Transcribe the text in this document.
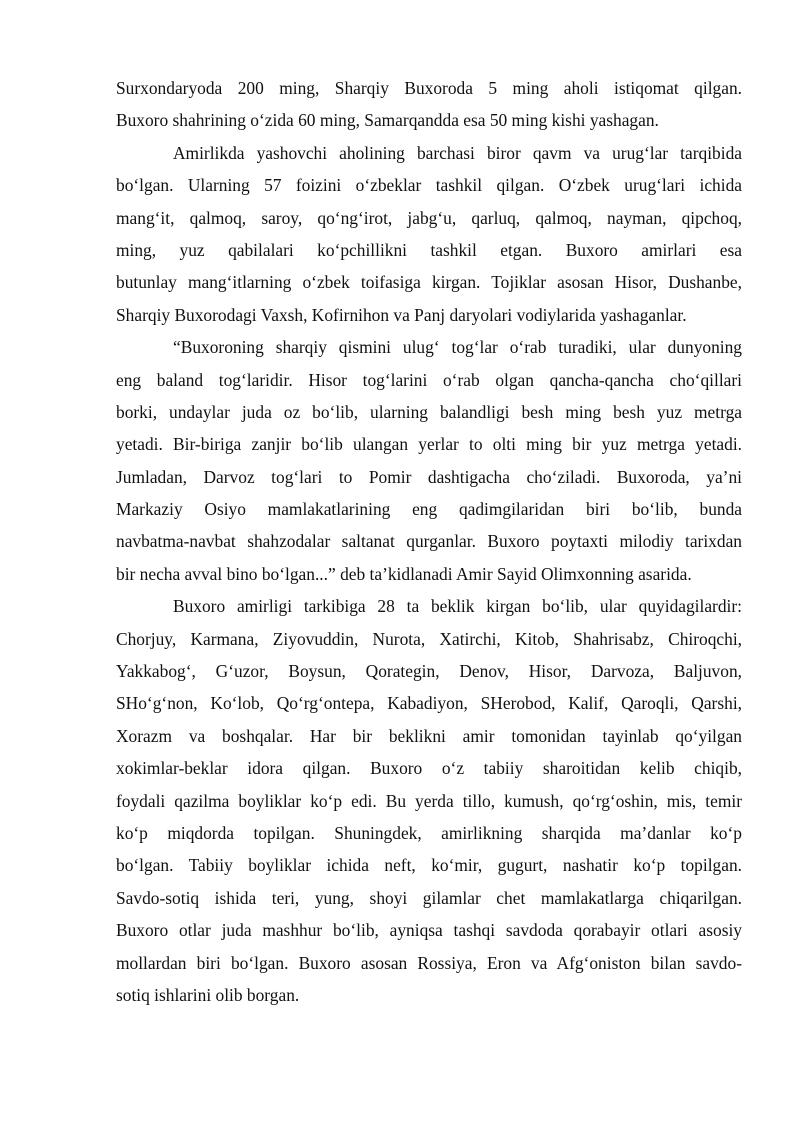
Surxondaryoda 200 ming, Sharqiy Buxoroda 5 ming aholi istiqomat qilgan.
Buxoro shahrining o‘zida 60 ming, Samarqandda esa 50 ming kishi yashagan.
Amirlikda yashovchi aholining barchasi biror qavm va urug‘lar tarqibida
bo‘lgan. Ularning 57 foizini o‘zbeklar tashkil qilgan. O‘zbek urug‘lari ichida
mang‘it, qalmoq, saroy, qo‘ng‘irot, jabg‘u, qarluq, qalmoq, nayman, qipchoq,
ming, yuz qabilalari ko‘pchillikni tashkil etgan. Buxoro amirlari esa
butunlay mang‘itlarning o‘zbek toifasiga kirgan. Tojiklar asosan Hisor, Dushanbe,
Sharqiy Buxorodagi Vaxsh, Kofirnihon va Panj daryolari vodiylarida yashaganlar.
“Buxoroning sharqiy qismini ulug‘ tog‘lar o‘rab turadiki, ular dunyoning
eng baland tog‘laridir. Hisor tog‘larini o‘rab olgan qancha-qancha cho‘qillari
borki, undaylar juda oz bo‘lib, ularning balandligi besh ming besh yuz metrga
yetadi. Bir-biriga zanjir bo‘lib ulangan yerlar to olti ming bir yuz metrga yetadi.
Jumladan, Darvoz tog‘lari to Pomir dashtigacha cho‘ziladi. Buxoroda, ya’ni
Markaziy Osiyo mamlakatlarining eng qadimgilaridan biri bo‘lib, bunda
navbatma-navbat shahzodalar saltanat qurganlar. Buxoro poytaxti milodiy tarixdan
bir necha avval bino bo‘lgan...” deb ta’kidlanadi Amir Sayid Olimxonning asarida.
Buxoro amirligi tarkibiga 28 ta beklik kirgan bo‘lib, ular quyidagilardir:
Chorjuy, Karmana, Ziyovuddin, Nurota, Xatirchi, Kitob, Shahrisabz, Chiroqchi,
Yakkabog‘, G‘uzor, Boysun, Qorategin, Denov, Hisor, Darvoza, Baljuvon,
SHo‘g‘non, Ko‘lob, Qo‘rg‘ontepa, Kabadiyon, SHerobod, Kalif, Qaroqli, Qarshi,
Xorazm va boshqalar. Har bir beklikni amir tomonidan tayinlab qo‘yilgan
xokimlar-beklar idora qilgan. Buxoro o‘z tabiiy sharoitidan kelib chiqib,
foydali qazilma boyliklar ko‘p edi. Bu yerda tillo, kumush, qo‘rg‘oshin, mis, temir
ko‘p miqdorda topilgan. Shuningdek, amirlikning sharqida ma’danlar ko‘p
bo‘lgan. Tabiiy boyliklar ichida neft, ko‘mir, gugurt, nashatir ko‘p topilgan.
Savdo-sotiq ishida teri, yung, shoyi gilamlar chet mamlakatlarga chiqarilgan.
Buxoro otlar juda mashhur bo‘lib, ayniqsa tashqi savdoda qorabayir otlari asosiy
mollardan biri bo‘lgan. Buxoro asosan Rossiya, Eron va Afg‘oniston bilan savdo-
sotiq ishlarini olib borgan.
